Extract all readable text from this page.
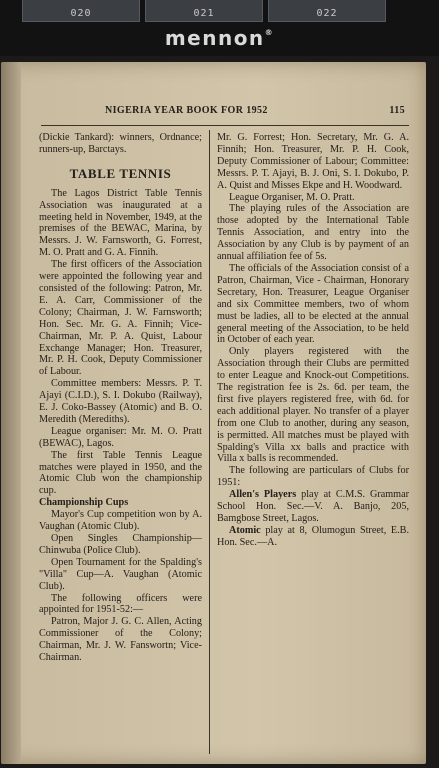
020	021	022
mennon®
NIGERIA YEAR BOOK FOR 1952	115

(Dickie Tankard): winners, Ordnance; runners-up, Barctays.

TABLE TENNIS

The Lagos District Table Tennis Association was inaugurated at a meeting held in November, 1949, at the premises of the BEWAC, Marina, by Messrs. J. W. Farnsworth, G. Forrest, M. O. Pratt and G. A. Finnih.

The first officers of the Association were appointed the following year and consisted of the following: Patron, Mr. E. A. Carr, Commissioner of the Colony; Chairman, J. W. Farnsworth; Hon. Sec. Mr. G. A. Finnih; Vice-Chairman, Mr. P. A. Quist, Labour Exchange Manager; Hon. Treasurer, Mr. P. H. Cook, Deputy Commissioner of Labour.

Committee members: Messrs. P. T. Ajayi (C.I.D.), S. I. Dokubo (Railway), E. J. Coko-Bassey (Atomic) and B. O. Meredith (Merediths).

League organiser: Mr. M. O. Pratt (BEWAC), Lagos.

The first Table Tennis League matches were played in 1950, and the Atomic Club won the championship cup.

Championship Cups

Mayor's Cup competition won by A. Vaughan (Atomic Club).

Open Singles Championship—Chinwuba (Police Club).

Open Tournament for the Spalding's "Villa" Cup—A. Vaughan (Atomic Club).

The following officers were appointed for 1951-52:—

Patron, Major J. G. C. Allen, Acting Commissioner of the Colony; Chairman, Mr. J. W. Fanswortn; Vice-Chairman.

Mr. G. Forrest; Hon. Secretary, Mr. G. A. Finnih; Hon. Treasurer, Mr. P. H. Cook, Deputy Commissioner of Labour; Committee: Messrs. P. T. Ajayi, B. J. Oni, S. I. Dokubo, P. A. Quist and Misses Ekpe and H. Woodward.

League Organiser, M. O. Pratt.

The playing rules of the Association are those adopted by the International Table Tennis Association, and entry into the Association by any Club is by payment of an annual affiliation fee of 5s.

The officials of the Association consist of a Patron, Chairman, Vice - Chairman, Honorary Secretary, Hon. Treasurer, League Organiser and six Committee members, two of whom must be ladies, all to be elected at the annual general meeting of the Association, to be held in October of each year.

Only players registered with the Association through their Clubs are permitted to enter League and Knock-out Competitions. The registration fee is 2s. 6d. per team, the first five players registered free, with 6d. for each additional player. No transfer of a player from one Club to another, during any season, is permitted. All matches must be played with Spalding's Villa xx balls and practice with Villa x balls is recommended.

The following are particulars of Clubs for 1951:

Allen's Players play at C.M.S. Grammar School Hon. Sec.—V. A. Banjo, 205, Bamgbose Street, Lagos.

Atomic play at 8, Olumogun Street, E.B. Hon. Sec.—A.
